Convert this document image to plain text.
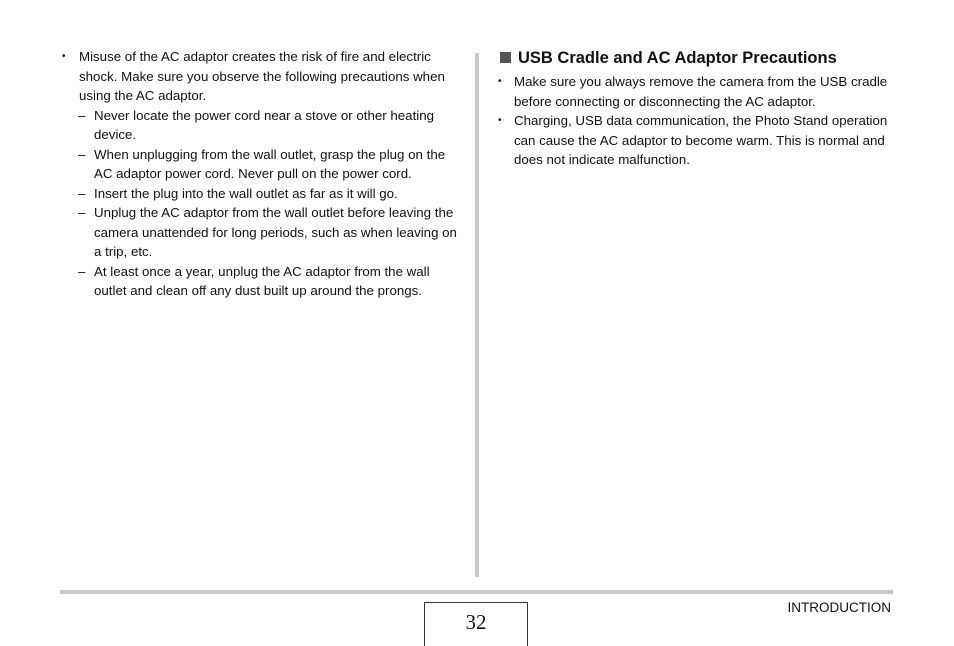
•	Misuse of the AC adaptor creates the risk of fire and electric shock. Make sure you observe the following precautions when using the AC adaptor.
– Never locate the power cord near a stove or other heating device.
– When unplugging from the wall outlet, grasp the plug on the AC adaptor power cord. Never pull on the power cord.
– Insert the plug into the wall outlet as far as it will go.
– Unplug the AC adaptor from the wall outlet before leaving the camera unattended for long periods, such as when leaving on a trip, etc.
– At least once a year, unplug the AC adaptor from the wall outlet and clean off any dust built up around the prongs.
USB Cradle and AC Adaptor Precautions
• Make sure you always remove the camera from the USB cradle before connecting or disconnecting the AC adaptor.
• Charging, USB data communication, the Photo Stand operation can cause the AC adaptor to become warm. This is normal and does not indicate malfunction.
32
INTRODUCTION
